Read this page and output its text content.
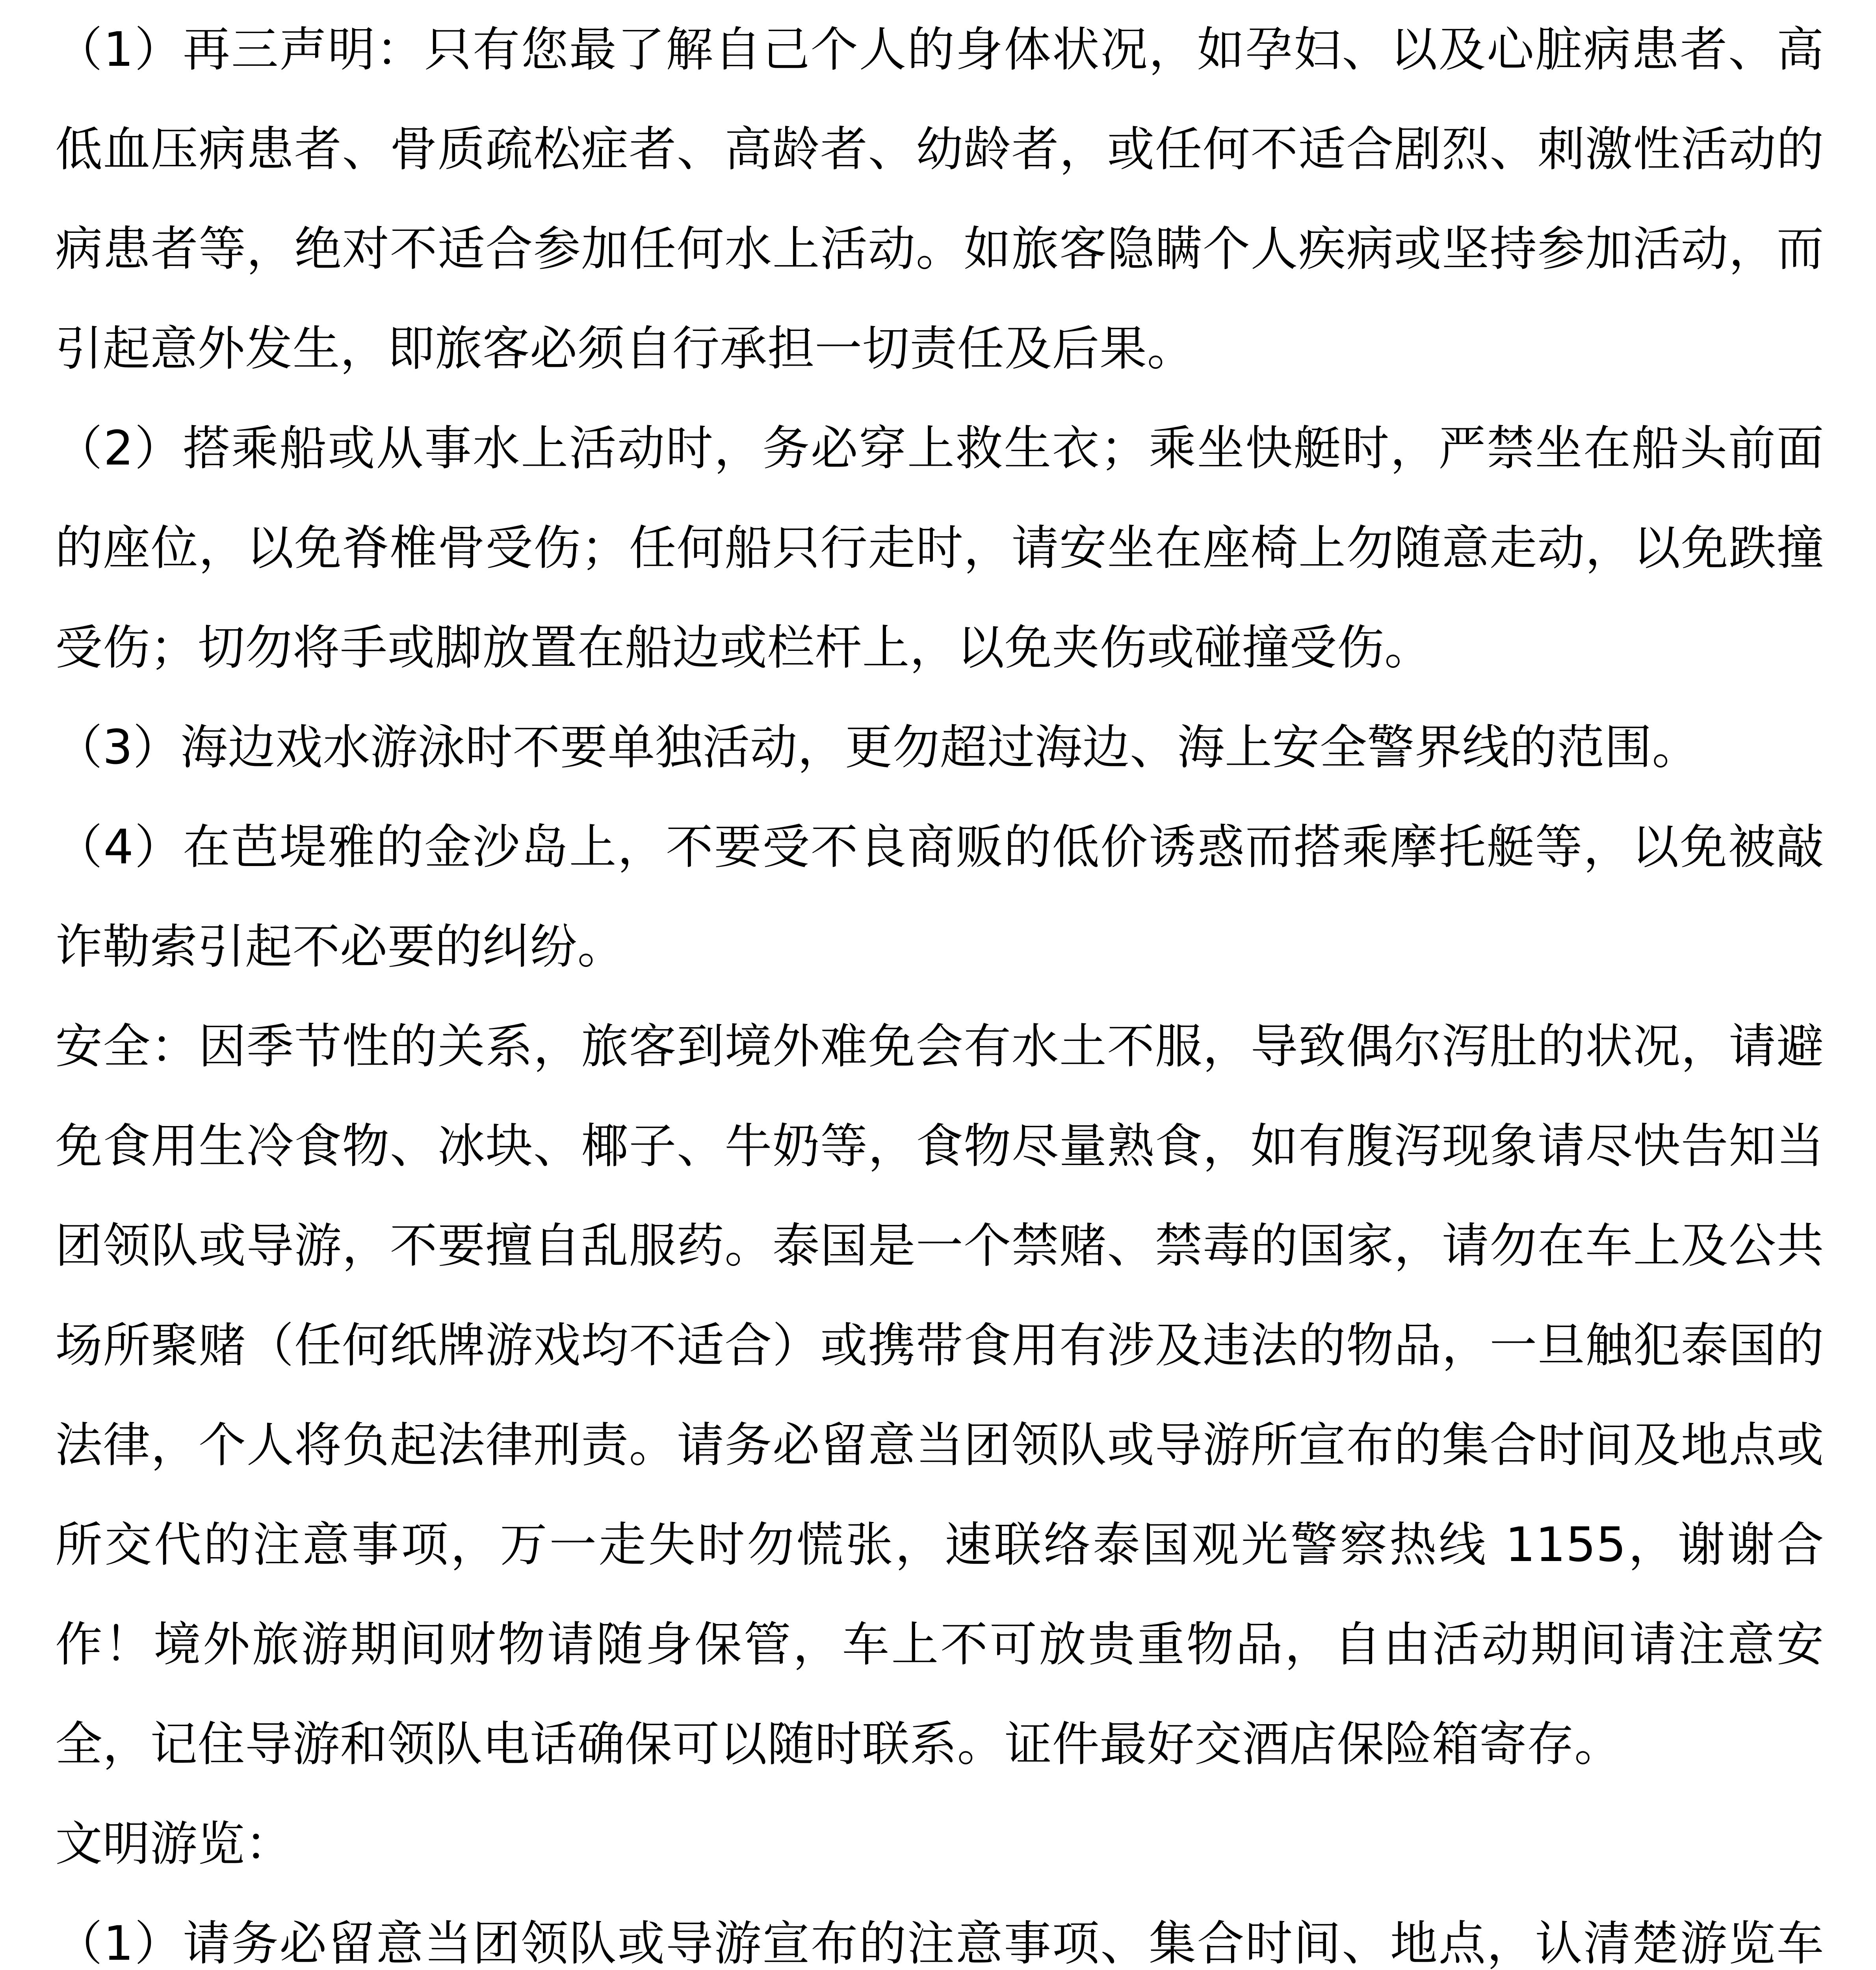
（1）再三声明：只有您最了解自己个人的身体状况，如孕妇、以及心脏病患者、高低血压病患者、骨质疏松症者、高龄者、幼龄者，或任何不适合剧烈、刺激性活动的病患者等，绝对不适合参加任何水上活动。如旅客隐瞒个人疾病或坚持参加活动，而引起意外发生，即旅客必须自行承担一切责任及后果。

（2）搭乘船或从事水上活动时，务必穿上救生衣；乘坐快艇时，严禁坐在船头前面的座位，以免脊椎骨受伤；任何船只行走时，请安坐在座椅上勿随意走动，以免跌撞受伤；切勿将手或脚放置在船边或栏杆上，以免夹伤或碰撞受伤。

（3）海边戏水游泳时不要单独活动，更勿超过海边、海上安全警界线的范围。

（4）在芭堤雅的金沙岛上，不要受不良商贩的低价诱惑而搭乘摩托艇等，以免被敲诈勒索引起不必要的纠纷。

安全：因季节性的关系，旅客到境外难免会有水土不服，导致偶尔泻肚的状况，请避免食用生冷食物、冰块、椰子、牛奶等，食物尽量熟食，如有腹泻现象请尽快告知当团领队或导游，不要擅自乱服药。泰国是一个禁赌、禁毒的国家，请勿在车上及公共场所聚赌（任何纸牌游戏均不适合）或携带食用有涉及违法的物品，一旦触犯泰国的法律，个人将负起法律刑责。请务必留意当团领队或导游所宣布的集合时间及地点或所交代的注意事项，万一走失时勿慌张，速联络泰国观光警察热线 1155，谢谢合作！境外旅游期间财物请随身保管，车上不可放贵重物品，自由活动期间请注意安全，记住导游和领队电话确保可以随时联系。证件最好交酒店保险箱寄存。

文明游览：

（1）请务必留意当团领队或导游宣布的注意事项、集合时间、地点，认清楚游览车
